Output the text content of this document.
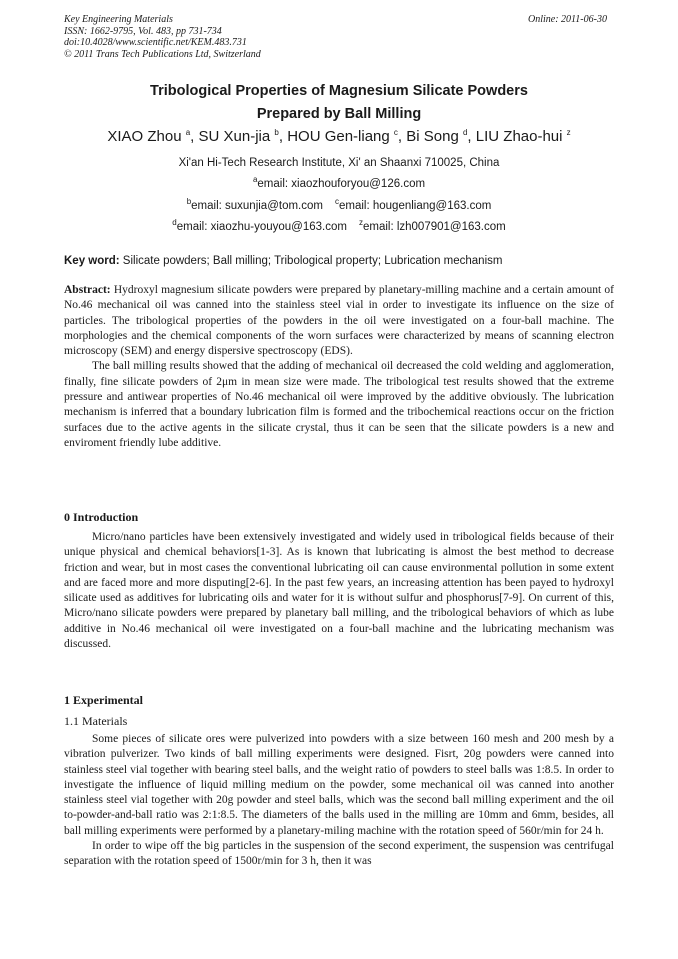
Key Engineering Materials
ISSN: 1662-9795, Vol. 483, pp 731-734
doi:10.4028/www.scientific.net/KEM.483.731
© 2011 Trans Tech Publications Ltd, Switzerland
Online: 2011-06-30
Tribological Properties of Magnesium Silicate Powders
Prepared by Ball Milling
XIAO Zhou $^a$, SU Xun-jia $^b$, HOU Gen-liang $^c$, Bi Song $^d$, LIU Zhao-hui $^z$
Xi'an Hi-Tech Research Institute, Xi' an Shaanxi 710025, China
$^a$email: xiaozhouforyou@126.com
$^b$email: suxunjia@tom.com $^c$email: hougenliang@163.com
$^d$email: xiaozhu-youyou@163.com $^z$email: lzh007901@163.com
Key word: Silicate powders; Ball milling; Tribological property; Lubrication mechanism

Abstract: Hydroxyl magnesium silicate powders were prepared by planetary-milling machine and a certain amount of No.46 mechanical oil was canned into the stainless steel vial in order to investigate its influence on the size of particles. The tribological properties of the powders in the oil were investigated on a four-ball machine. The morphologies and the chemical components of the worn surfaces were characterized by means of scanning electron microscopy (SEM) and energy dispersive spectroscopy (EDS).

The ball milling results showed that the adding of mechanical oil decreased the cold welding and agglomeration, finally, fine silicate powders of 2μm in mean size were made. The tribological test results showed that the extreme pressure and antiwear properties of No.46 mechanical oil were improved by the additive obviously. The lubrication mechanism is inferred that a boundary lubrication film is formed and the tribochemical reactions occur on the friction surfaces due to the active agents in the silicate crystal, thus it can be seen that the silicate powders is a new and enviroment friendly lube additive.

0 Introduction

Micro/nano particles have been extensively investigated and widely used in tribological fields because of their unique physical and chemical behaviors[1-3]. As is known that lubricating is almost the best method to decrease friction and wear, but in most cases the conventional lubricating oil can cause environmental pollution in some extent and are faced more and more disputing[2-6]. In the past few years, an increasing attention has been payed to hydroxyl silicate used as additives for lubricating oils and water for it is without sulfur and phosphorus[7-9]. On current of this, Micro/nano silicate powders were prepared by planetary ball milling, and the tribological behaviors of which as lube additive in No.46 mechanical oil were investigated on a four-ball machine and the lubricating mechanism was discussed.

1 Experimental
1.1 Materials

Some pieces of silicate ores were pulverized into powders with a size between 160 mesh and 200 mesh by a vibration pulverizer. Two kinds of ball milling experiments were designed. Fisrt, 20g powders were canned into stainless steel vial together with bearing steel balls, and the weight ratio of powders to steel balls was 1:8.5. In order to investigate the influence of liquid milling medium on the powder, some mechanical oil was canned into another stainless steel vial together with 20g powder and steel balls, which was the second ball milling experiment and the oil to-powder-and-ball ratio was 2:1:8.5. The diameters of the balls used in the milling are 10mm and 6mm, besides, all ball milling experiments were performed by a planetary-miling machine with the rotation speed of 560r/min for 24 h.

In order to wipe off the big particles in the suspension of the second experiment, the suspension was centrifugal separation with the rotation speed of 1500r/min for 3 h, then it was
